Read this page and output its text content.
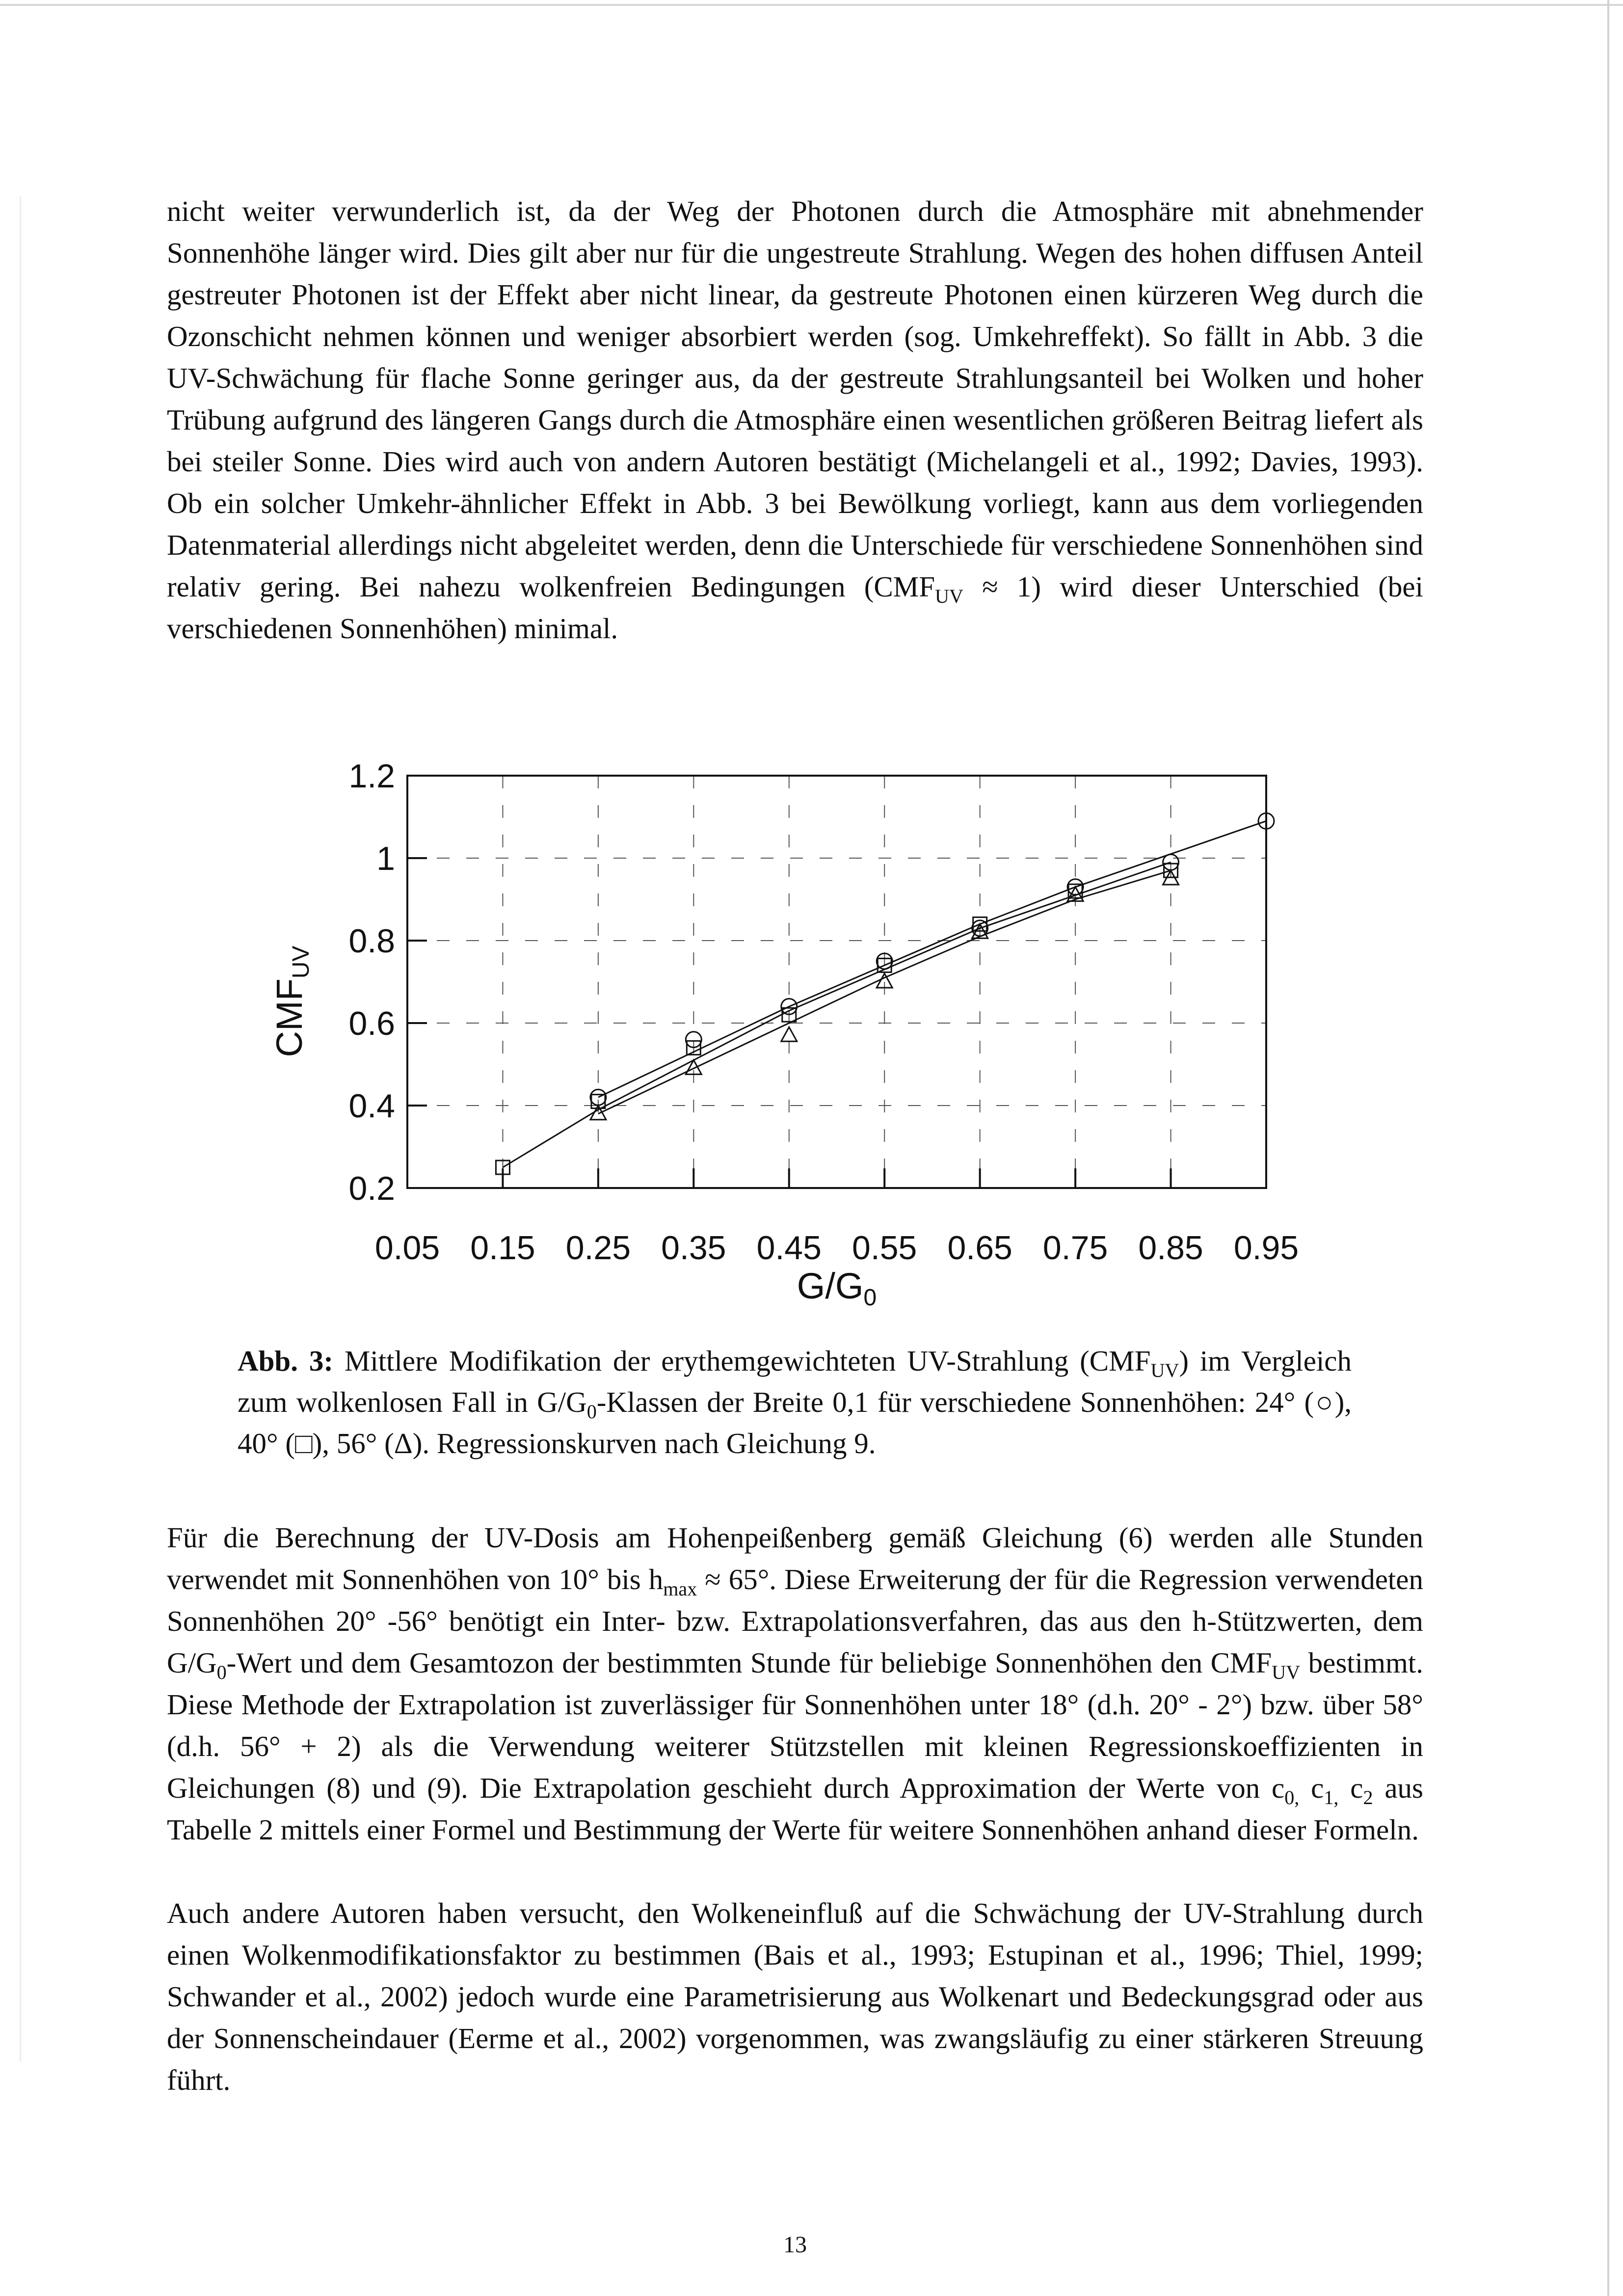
nicht weiter verwunderlich ist, da der Weg der Photonen durch die Atmosphäre mit abnehmender Sonnenhöhe länger wird. Dies gilt aber nur für die ungestreute Strahlung. Wegen des hohen diffusen Anteil gestreuter Photonen ist der Effekt aber nicht linear, da gestreute Photonen einen kürzeren Weg durch die Ozonschicht nehmen können und weniger absorbiert werden (sog. Umkehreffekt). So fällt in Abb. 3 die UV-Schwächung für flache Sonne geringer aus, da der gestreute Strahlungsanteil bei Wolken und hoher Trübung aufgrund des längeren Gangs durch die Atmosphäre einen wesentlichen größeren Beitrag liefert als bei steiler Sonne. Dies wird auch von andern Autoren bestätigt (Michelangeli et al., 1992; Davies, 1993). Ob ein solcher Umkehr-ähnlicher Effekt in Abb. 3 bei Bewölkung vorliegt, kann aus dem vorliegenden Datenmaterial allerdings nicht abgeleitet werden, denn die Unterschiede für verschiedene Sonnenhöhen sind relativ gering. Bei nahezu wolkenfreien Bedingungen $(CMF_{UV} \approx 1)$ wird dieser Unterschied (bei verschiedenen Sonnenhöhen) minimal.

0.05 0.15 0.25 0.35 0.45 0.55 0.65 0.75 0.85 0.95
0.2
0.4
0.6
0.8
1
1.2
G/G0
CMFUV

Abb. 3: Mittlere Modifikation der erythemgewichteten UV-Strahlung $(CMF_{UV})$ im Vergleich zum wolkenlosen Fall in $G/G_0$-Klassen der Breite 0,1 für verschiedene Sonnenhöhen: 24° (○), 40° (□), 56° (Δ). Regressionskurven nach Gleichung 9.

Für die Berechnung der UV-Dosis am Hohenpeißenberg gemäß Gleichung (6) werden alle Stunden verwendet mit Sonnenhöhen von 10° bis $h_{max} \approx 65^\circ$. Diese Erweiterung der für die Regression verwendeten Sonnenhöhen 20° -56° benötigt ein Inter- bzw. Extrapolationsverfahren, das aus den h-Stützwerten, dem $G/G_0$-Wert und dem Gesamtozon der bestimmten Stunde für beliebige Sonnenhöhen den $CMF_{UV}$ bestimmt. Diese Methode der Extrapolation ist zuverlässiger für Sonnenhöhen unter 18° (d.h. 20° - 2°) bzw. über 58° (d.h. 56° + 2) als die Verwendung weiterer Stützstellen mit kleinen Regressionskoeffizienten in Gleichungen (8) und (9). Die Extrapolation geschieht durch Approximation der Werte von $c_{0,}$ $c_{1,}$ $c_2$ aus Tabelle 2 mittels einer Formel und Bestimmung der Werte für weitere Sonnenhöhen anhand dieser Formeln.

Auch andere Autoren haben versucht, den Wolkeneinfluß auf die Schwächung der UV-Strahlung durch einen Wolkenmodifikationsfaktor zu bestimmen (Bais et al., 1993; Estupinan et al., 1996; Thiel, 1999; Schwander et al., 2002) jedoch wurde eine Parametrisierung aus Wolkenart und Bedeckungsgrad oder aus der Sonnenscheindauer (Eerme et al., 2002) vorgenommen, was zwangsläufig zu einer stärkeren Streuung führt.

13
